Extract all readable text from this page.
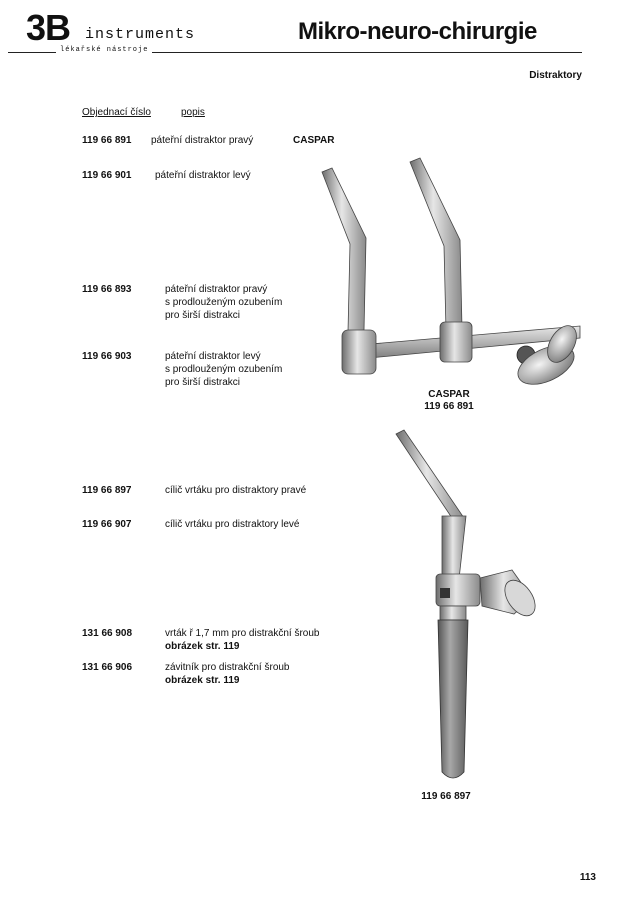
3B instruments
lékařské nástroje
Mikro-neuro-chirurgie
Distraktory
Objednací číslo	popis
119 66 891 páteřní distraktor pravý	CASPAR
119 66 901 páteřní distraktor levý
119 66 893	páteřní distraktor pravý
s prodlouženým ozubením
pro širší distrakci
119 66 903	páteřní distraktor levý
s prodlouženým ozubením
pro širší distrakci
119 66 897	cílič vrtáku pro distraktory pravé
119 66 907	cílič vrtáku pro distraktory levé
131 66 908	vrták ř 1,7 mm pro distrakční šroub
obrázek str. 119
131 66 906	závitník pro distrakční šroub
obrázek str. 119
CASPAR
119 66 891
119 66 897
113
